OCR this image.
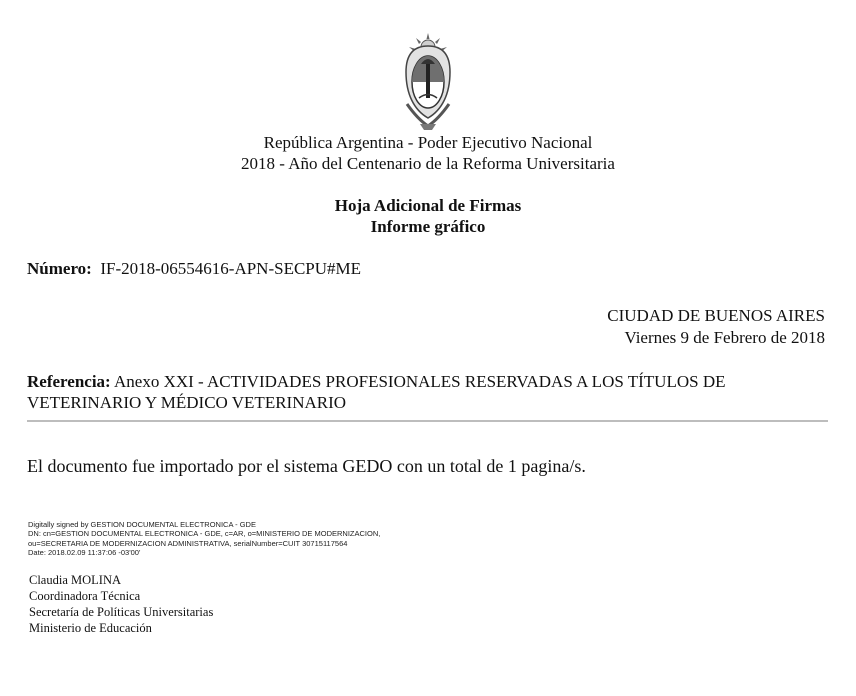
República Argentina - Poder Ejecutivo Nacional
2018 - Año del Centenario de la Reforma Universitaria
Hoja Adicional de Firmas
Informe gráfico
Número: IF-2018-06554616-APN-SECPU#ME
CIUDAD DE BUENOS AIRES
Viernes 9 de Febrero de 2018
Referencia: Anexo XXI - ACTIVIDADES PROFESIONALES RESERVADAS A LOS TÍTULOS DE
VETERINARIO Y MÉDICO VETERINARIO
El documento fue importado por el sistema GEDO con un total de 1 pagina/s.
Digitally signed by GESTION DOCUMENTAL ELECTRONICA - GDE
DN: cn=GESTION DOCUMENTAL ELECTRONICA - GDE, c=AR, o=MINISTERIO DE MODERNIZACION,
ou=SECRETARIA DE MODERNIZACION ADMINISTRATIVA, serialNumber=CUIT 30715117564
Date: 2018.02.09 11:37:06 -03'00'
Claudia MOLINA
Coordinadora Técnica
Secretaría de Políticas Universitarias
Ministerio de Educación
